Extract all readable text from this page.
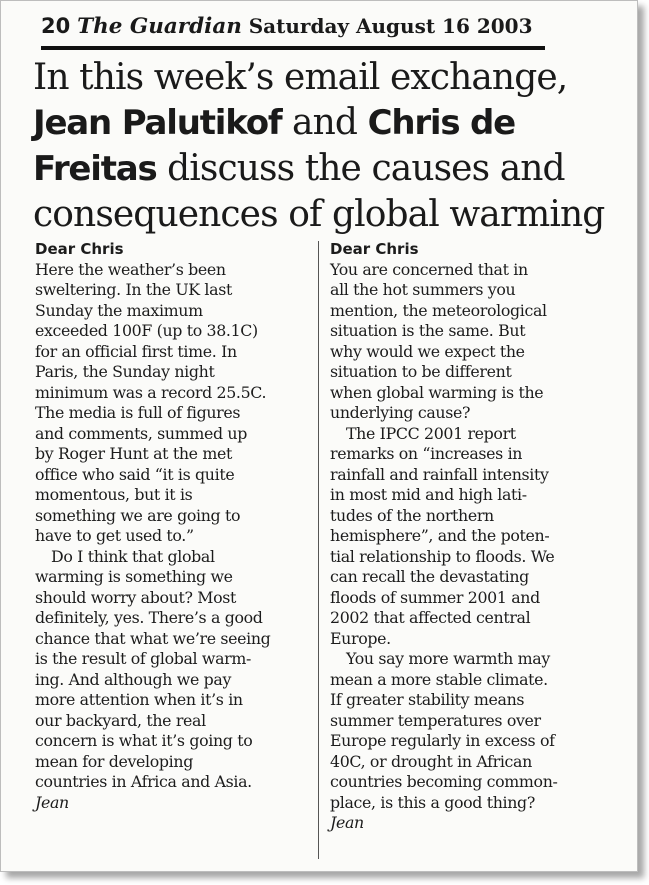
20 The Guardian Saturday August 16 2003
In this week’s email exchange,
Jean Palutikof and Chris de
Freitas discuss the causes and
consequences of global warming
Dear Chris
Here the weather’s been
sweltering. In the UK last
Sunday the maximum
exceeded 100F (up to 38.1C)
for an official first time. In
Paris, the Sunday night
minimum was a record 25.5C.
The media is full of figures
and comments, summed up
by Roger Hunt at the met
office who said “it is quite
momentous, but it is
something we are going to
have to get used to.”
Do I think that global
warming is something we
should worry about? Most
definitely, yes. There’s a good
chance that what we’re seeing
is the result of global warm-
ing. And although we pay
more attention when it’s in
our backyard, the real
concern is what it’s going to
mean for developing
countries in Africa and Asia.
Jean
Dear Chris
You are concerned that in
all the hot summers you
mention, the meteorological
situation is the same. But
why would we expect the
situation to be different
when global warming is the
underlying cause?
The IPCC 2001 report
remarks on “increases in
rainfall and rainfall intensity
in most mid and high lati-
tudes of the northern
hemisphere”, and the poten-
tial relationship to floods. We
can recall the devastating
floods of summer 2001 and
2002 that affected central
Europe.
You say more warmth may
mean a more stable climate.
If greater stability means
summer temperatures over
Europe regularly in excess of
40C, or drought in African
countries becoming common-
place, is this a good thing?
Jean
